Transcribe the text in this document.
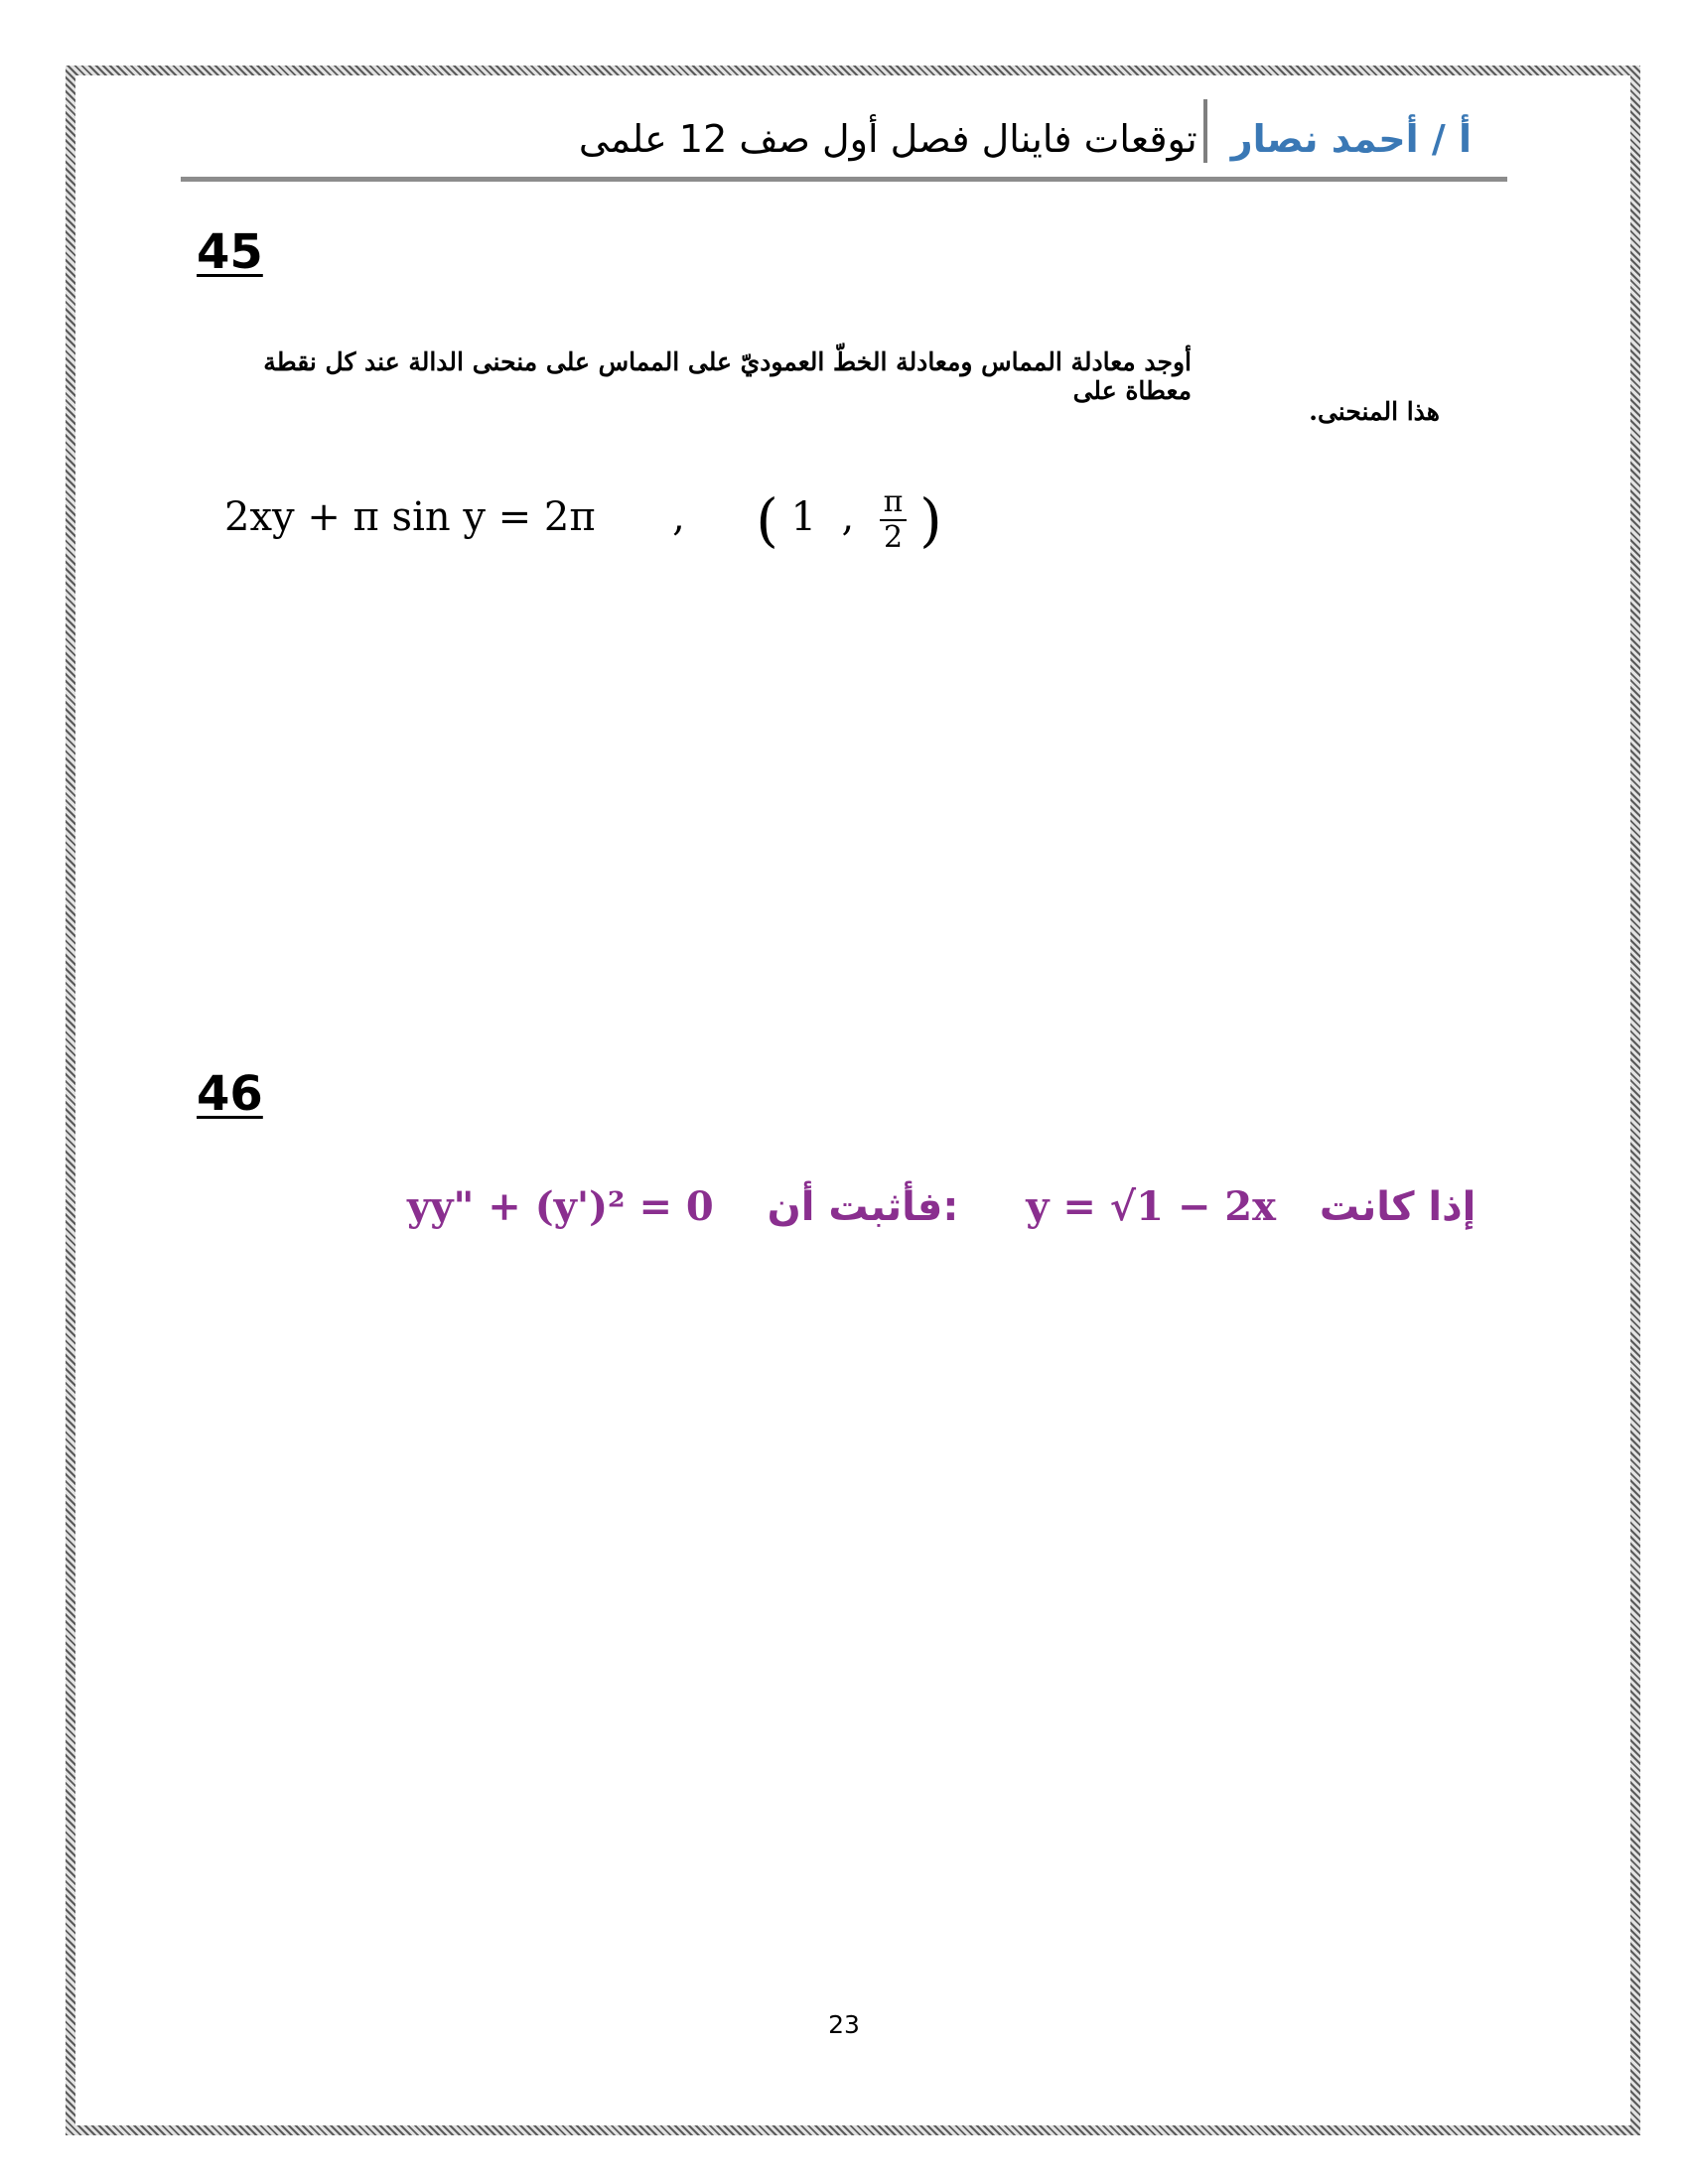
أ / أحمد نصار
توقعات فاينال فصل أول صف 12 علمى
45
أوجد معادلة المماس ومعادلة الخطّ العموديّ على المماس على منحنى الدالة عند كل نقطة معطاة على
هذا المنحنى.
2xy + π sin y = 2π , ( 1  , $\frac{\pi}{2}$ )
46
yy" + (y')² = 0 فأثبت أن: y = √1 − 2x إذا كانت
23
